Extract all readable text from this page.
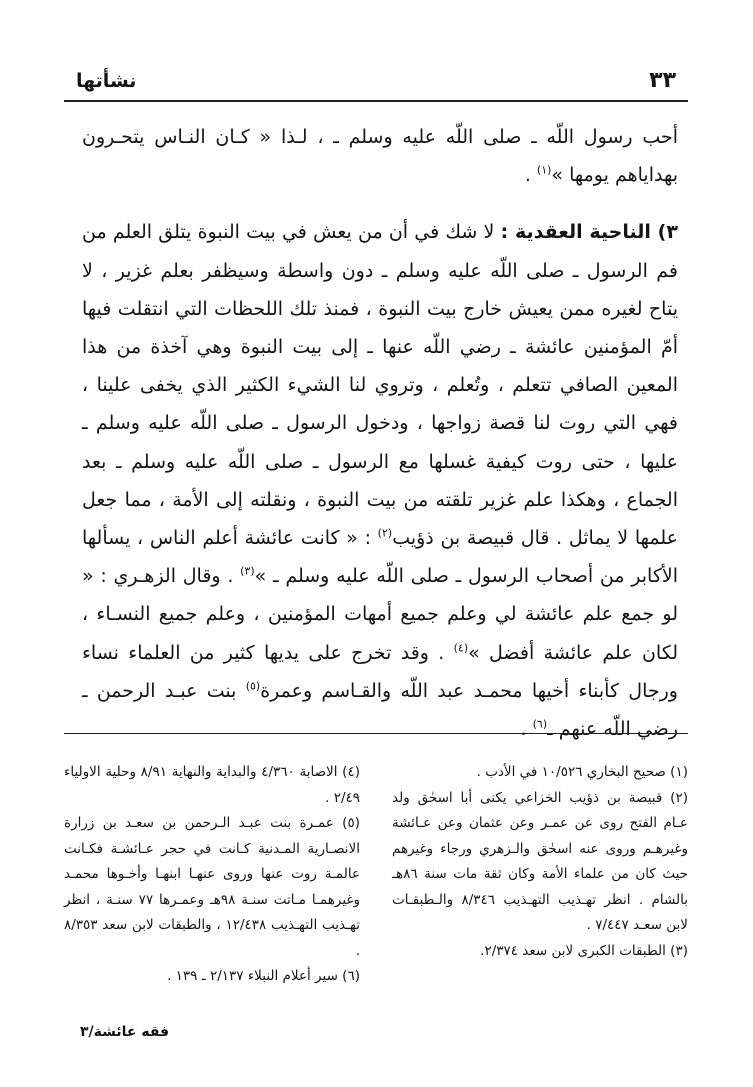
٣٣
نشأتها

أحب رسول اللّه ـ صلى اللّه عليه وسلم ـ ، لـذا « كـان النـاس يتحـرون بهداياهم يومها »$^{(١)}$ .

٣) الناحية العقدية : لا شك في أن من يعش في بيت النبوة يتلق العلم من فم الرسول ـ صلى اللّه عليه وسلم ـ دون واسطة وسيظفر بعلم غزير ، لا يتاح لغيره ممن يعيش خارج بيت النبوة ، فمنذ تلك اللحظات التي انتقلت فيها أمّ المؤمنين عائشة ـ رضي اللّه عنها ـ إلى بيت النبوة وهي آخذة من هذا المعين الصافي تتعلم ، وتُعلم ، وتروي لنا الشيء الكثير الذي يخفى علينا ، فهي التي روت لنا قصة زواجها ، ودخول الرسول ـ صلى اللّه عليه وسلم ـ عليها ، حتى روت كيفية غسلها مع الرسول ـ صلى اللّه عليه وسلم ـ بعد الجماع ، وهكذا علم غزير تلقته من بيت النبوة ، ونقلته إلى الأمة ، مما جعل علمها لا يماثل . قال قبيصة بن ذؤيب$^{(٢)}$ : « كانت عائشة أعلم الناس ، يسألها الأكابر من أصحاب الرسول ـ صلى اللّه عليه وسلم ـ »$^{(٣)}$ . وقال الزهـري : « لو جمع علم عائشة لي وعلم جميع أمهات المؤمنين ، وعلم جميع النسـاء ، لكان علم عائشة أفضل »$^{(٤)}$ . وقد تخرج على يديها كثير من العلماء نساء ورجال كأبناء أخيها محمـد عبد اللّه والقـاسم وعمرة$^{(٥)}$ بنت عبـد الرحمن ـ رضي اللّه عنهم ـ$^{(٦)}$ .

(١) صحيح البخاري ١٠/٥٢٦ في الأدب .

(٢) قبيصة بن ذؤيب الخزاعي يكنى أبا اسحٰق ولد عـام الفتح روى عن عمـر وعن عثمان وعن عـائشة وغيرهـم وروى عنه اسحٰق والـزهري ورجاء وغيرهم حيث كان من علماء الأمة وكان ثقة مات سنة ٨٦هـ بالشام . انظر تهـذيب التهـذيب ٨/٣٤٦ والـطبقـات لابن سعـد ٧/٤٤٧ .

(٣) الطبقات الكبرى لابن سعد ٢/٣٧٤.

(٤) الاصابة ٤/٣٦٠ والبداية والنهاية ٨/٩١ وحلية الاولياء ٢/٤٩ .

(٥) عمـرة بنت عبـد الـرحمن بن سعـد بن زرارة الانصـارية المـدنية كـانت في حجر عـائشـة فكـانت عالمـة روت عنها وروى عنهـا ابنهـا وأخـوها محمـد وغيرهمـا مـاتت سنـة ٩٨هـ وعمـرها ٧٧ سنـة ، انظر تهـذيب التهـذيب ١٢/٤٣٨ ، والطبقات لابن سعد ٨/٣٥٣ .

(٦) سير أعلام النبلاء ٢/١٣٧ ـ ١٣٩ .

فقه عائشة/٣
